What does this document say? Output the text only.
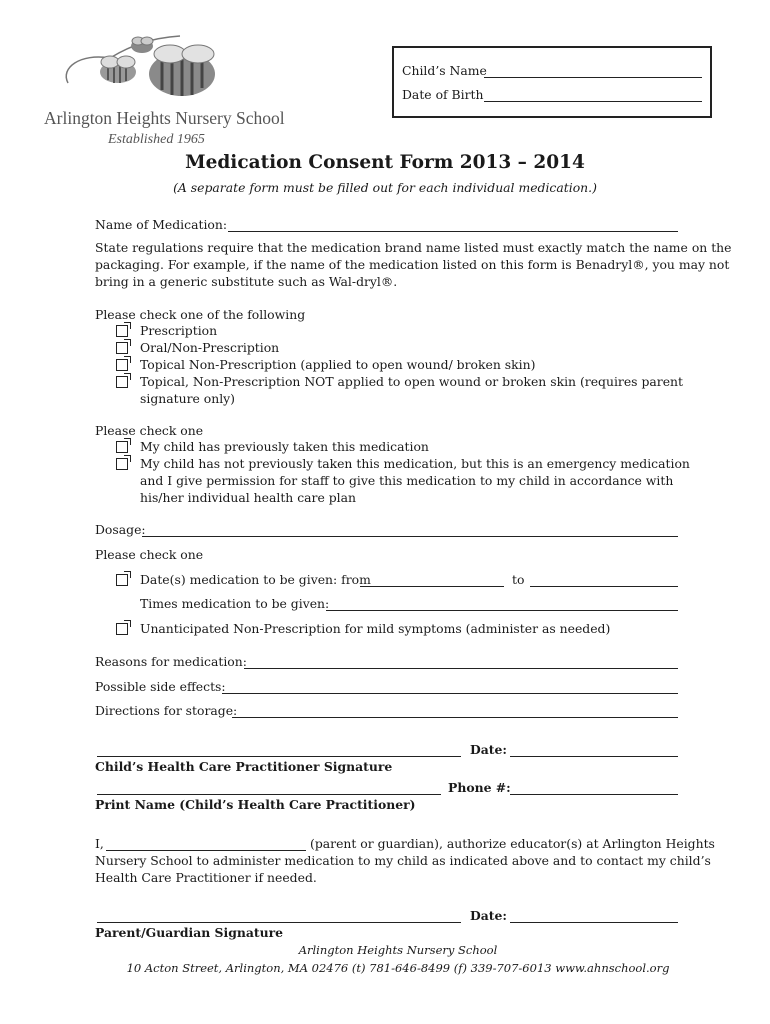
Arlington Heights Nursery School
Established 1965
Child’s Name
Date of Birth
Medication Consent Form 2013 – 2014
(A separate form must be filled out for each individual medication.)
Name of Medication:
State regulations require that the medication brand name listed must exactly match the name on the
packaging. For example, if the name of the medication listed on this form is Benadryl®, you may not
bring in a generic substitute such as Wal-dryl®.
Please check one of the following
Prescription
Oral/Non-Prescription
Topical Non-Prescription (applied to open wound/ broken skin)
Topical, Non-Prescription NOT applied to open wound or broken skin (requires parent
signature only)
Please check one
My child has previously taken this medication
My child has not previously taken this medication, but this is an emergency medication
and I give permission for staff to give this medication to my child in accordance with
his/her individual health care plan
Dosage:
Please check one
Date(s) medication to be given: from	to
Times medication to be given:
Unanticipated Non-Prescription for mild symptoms (administer as needed)
Reasons for medication:
Possible side effects:
Directions for storage:
Date:
Child’s Health Care Practitioner Signature
Phone #:
Print Name (Child’s Health Care Practitioner)
I,	(parent or guardian), authorize educator(s) at Arlington Heights
Nursery School to administer medication to my child as indicated above and to contact my child’s
Health Care Practitioner if needed.
Date:
Parent/Guardian Signature
Arlington Heights Nursery School
10 Acton Street, Arlington, MA 02476 (t) 781-646-8499 (f) 339-707-6013 www.ahnschool.org
